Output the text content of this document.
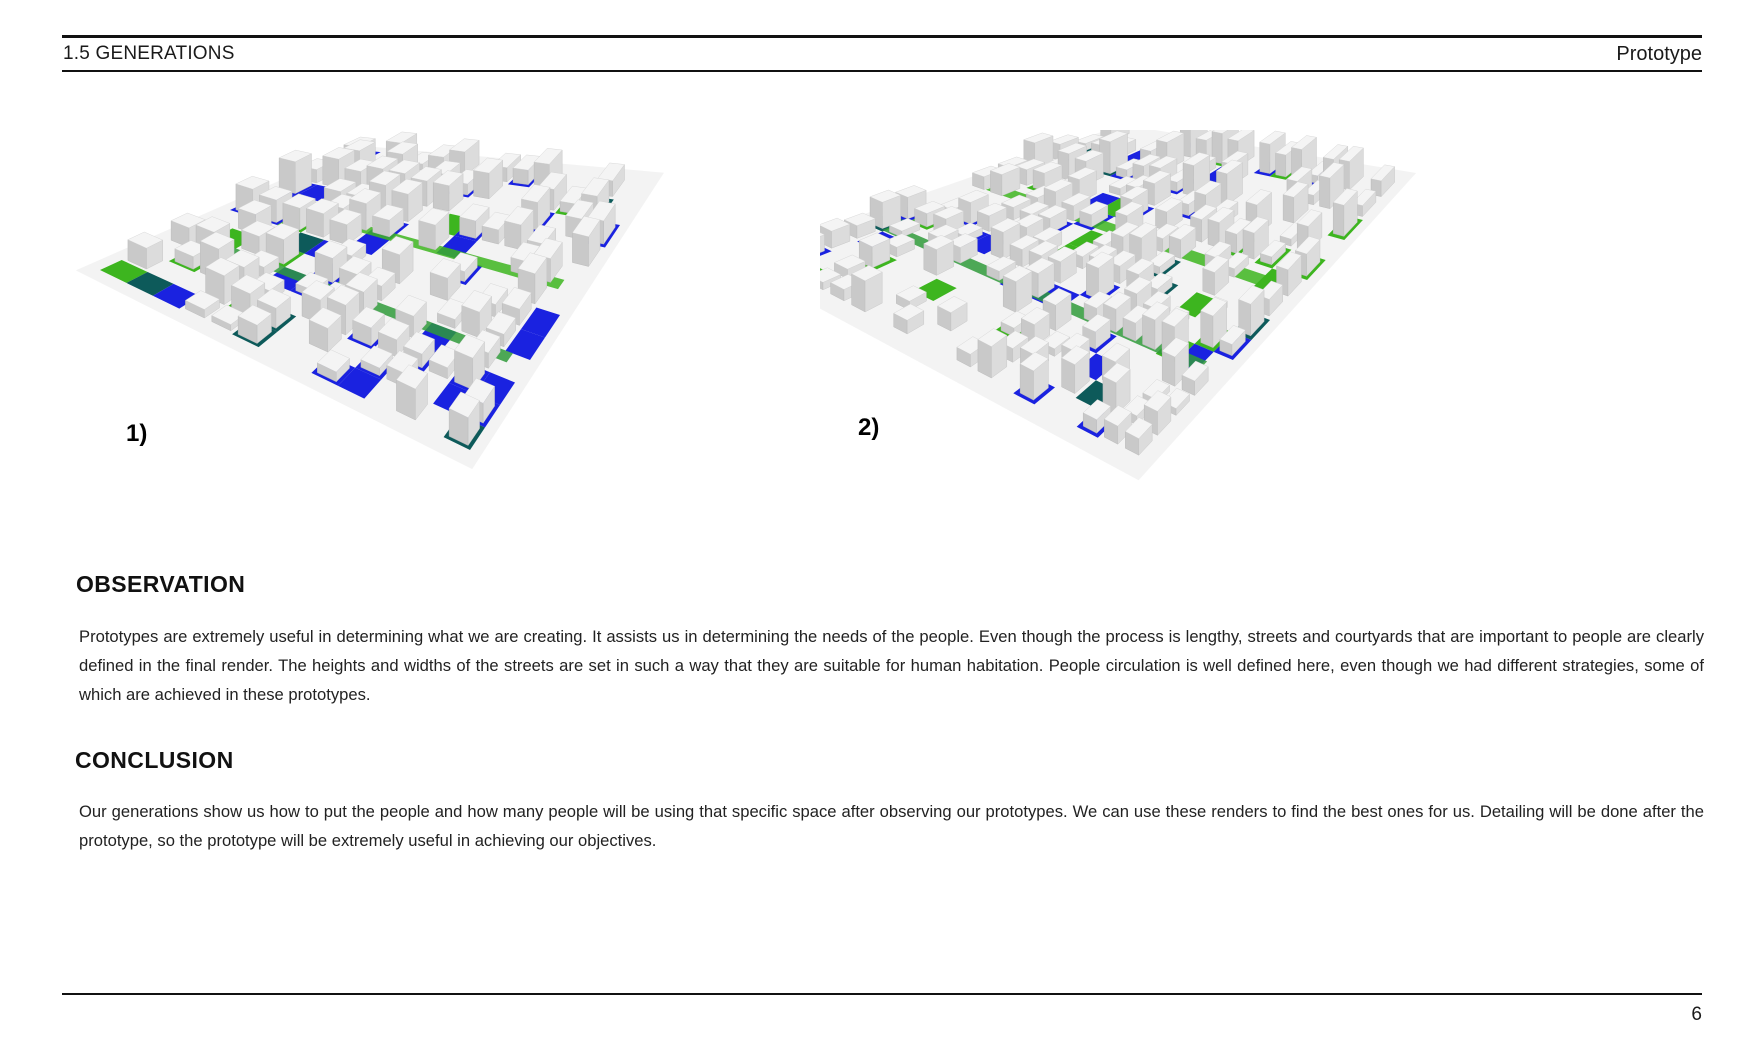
1.5 GENERATIONS	Prototype
1)	2)
OBSERVATION
Prototypes are extremely useful in determining what we are creating. It assists us in determining the needs of the people. Even though the process is lengthy, streets and courtyards that are important to people are clearly defined in the final render. The heights and widths of the streets are set in such a way that they are suitable for human habitation. People circulation is well defined here, even though we had different strategies, some of which are achieved in these prototypes.
CONCLUSION
Our generations show us how to put the people and how many people will be using that specific space after observing our prototypes. We can use these renders to find the best ones for us. Detailing will be done after the prototype, so the prototype will be extremely useful in achieving our objectives.
6
